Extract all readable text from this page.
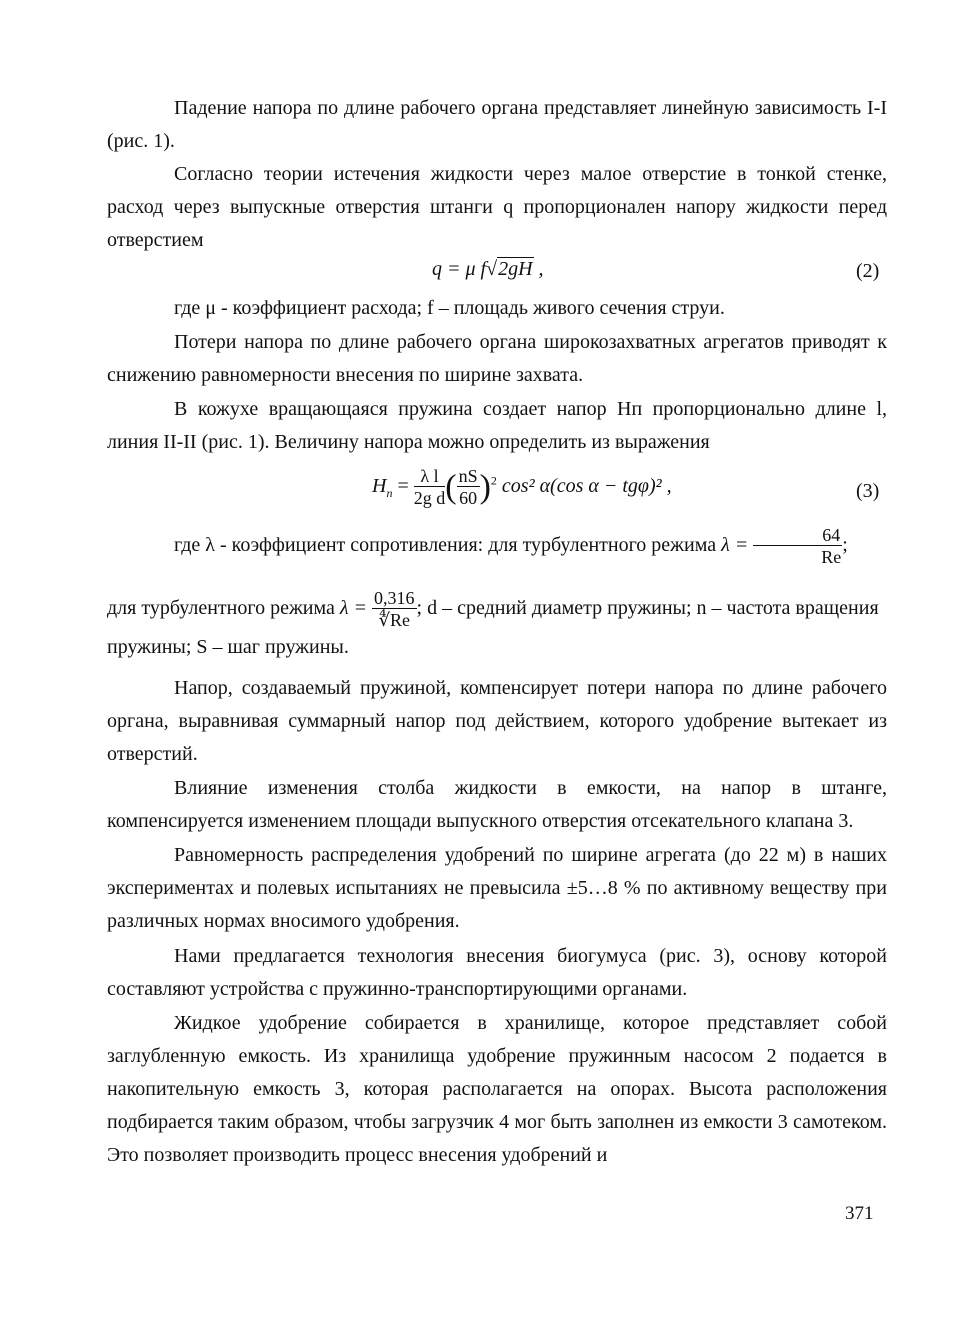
Падение напора по длине рабочего органа представляет линейную зависимость I-I (рис. 1).

Согласно теории истечения жидкости через малое отверстие в тонкой стенке, расход через выпускные отверстия штанги q пропорционален напору жидкости перед отверстием

q = μ f√2gH ,	(2)

где μ - коэффициент расхода; f – площадь живого сечения струи.

Потери напора по длине рабочего органа широкозахватных агрегатов приводят к снижению равномерности внесения по ширине захвата.

В кожухе вращающаяся пружина создает напор Hп пропорционально длине l, линия II-II (рис. 1). Величину напора можно определить из выражения

$H_п = \frac{\text{λ l}}{\text{2g d}}$ ( $\frac{nS}{60} )^2$ cos² α(cos α − tgφ)² ,	(3)
где λ - коэффициент сопротивления: для турбулентного режима $\lambda = \frac{64}{Re}$ ;
для турбулентного режима $\lambda = \frac{0,316}{∜Re}$ ; d – средний диаметр пружины; n – частота вращения пружины; S – шаг пружины.

Напор, создаваемый пружиной, компенсирует потери напора по длине рабочего органа, выравнивая суммарный напор под действием, которого удобрение вытекает из отверстий.

Влияние изменения столба жидкости в емкости, на напор в штанге, компенсируется изменением площади выпускного отверстия отсекательного клапана 3.

Равномерность распределения удобрений по ширине агрегата (до 22 м) в наших экспериментах и полевых испытаниях не превысила ±5…8 % по активному веществу при различных нормах вносимого удобрения.

Нами предлагается технология внесения биогумуса (рис. 3), основу которой составляют устройства с пружинно-транспортирующими органами.

Жидкое удобрение собирается в хранилище, которое представляет собой заглубленную емкость. Из хранилища удобрение пружинным насосом 2 подается в накопительную емкость 3, которая располагается на опорах. Высота расположения подбирается таким образом, чтобы загрузчик 4 мог быть заполнен из емкости 3 самотеком. Это позволяет производить процесс внесения удобрений и

371
